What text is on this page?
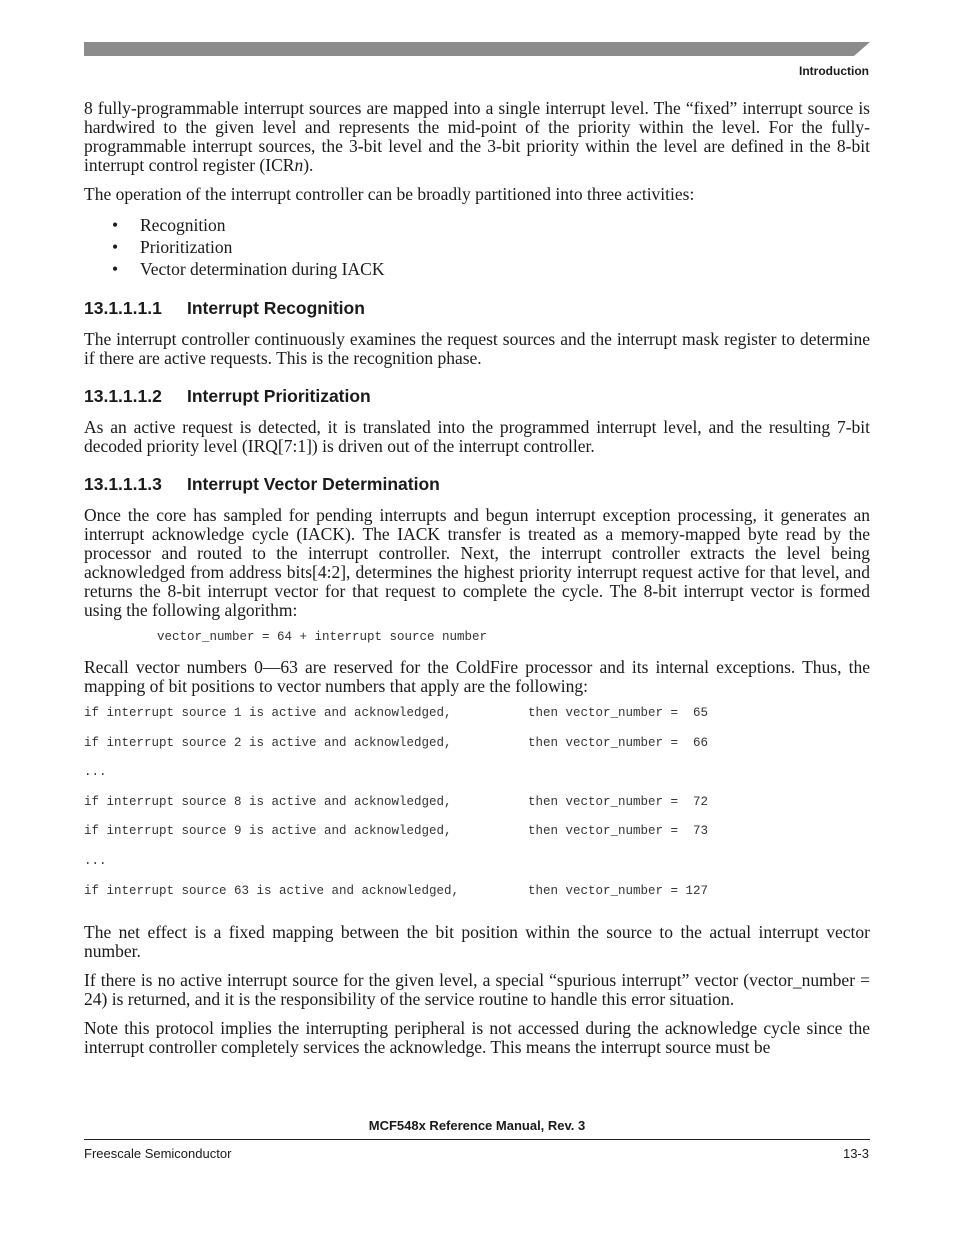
Introduction

8 fully-programmable interrupt sources are mapped into a single interrupt level. The “fixed” interrupt source is hardwired to the given level and represents the mid-point of the priority within the level. For the fully-programmable interrupt sources, the 3-bit level and the 3-bit priority within the level are defined in the 8-bit interrupt control register (ICRn).

The operation of the interrupt controller can be broadly partitioned into three activities:

• Recognition
• Prioritization
• Vector determination during IACK
13.1.1.1.1 Interrupt Recognition

The interrupt controller continuously examines the request sources and the interrupt mask register to determine if there are active requests. This is the recognition phase.

13.1.1.1.2 Interrupt Prioritization

As an active request is detected, it is translated into the programmed interrupt level, and the resulting 7-bit decoded priority level (IRQ[7:1]) is driven out of the interrupt controller.

13.1.1.1.3 Interrupt Vector Determination

Once the core has sampled for pending interrupts and begun interrupt exception processing, it generates an interrupt acknowledge cycle (IACK). The IACK transfer is treated as a memory-mapped byte read by the processor and routed to the interrupt controller. Next, the interrupt controller extracts the level being acknowledged from address bits[4:2], determines the highest priority interrupt request active for that level, and returns the 8-bit interrupt vector for that request to complete the cycle. The 8-bit interrupt vector is formed using the following algorithm:

vector_number = 64 + interrupt source number

Recall vector numbers 0—63 are reserved for the ColdFire processor and its internal exceptions. Thus, the mapping of bit positions to vector numbers that apply are the following:

if interrupt source 1 is active and acknowledged,	then vector_number =  65
if interrupt source 2 is active and acknowledged,	then vector_number =  66
...
if interrupt source 8 is active and acknowledged,	then vector_number =  72
if interrupt source 9 is active and acknowledged,	then vector_number =  73
...
if interrupt source 63 is active and acknowledged,	then vector_number = 127

The net effect is a fixed mapping between the bit position within the source to the actual interrupt vector number.

If there is no active interrupt source for the given level, a special “spurious interrupt” vector (vector_number = 24) is returned, and it is the responsibility of the service routine to handle this error situation.

Note this protocol implies the interrupting peripheral is not accessed during the acknowledge cycle since the interrupt controller completely services the acknowledge. This means the interrupt source must be

MCF548x Reference Manual, Rev. 3
Freescale Semiconductor	13-3
